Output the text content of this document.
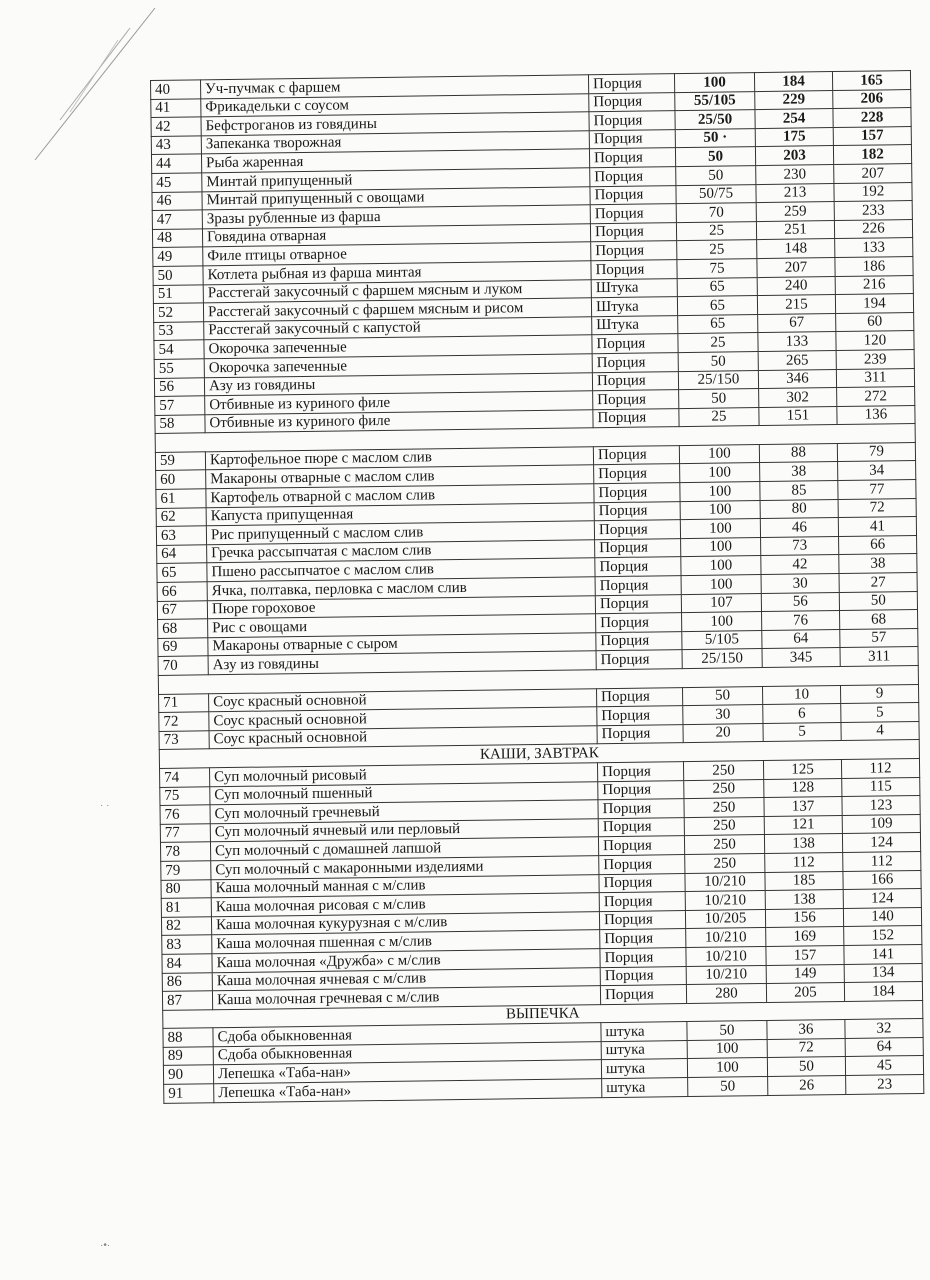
· ·
·•·
40	Уч-пучмак с фаршем	Порция	100	184	165
41	Фрикадельки с соусом	Порция	55/105	229	206
42	Бефстроганов из говядины	Порция	25/50	254	228
43	Запеканка творожная	Порция	50 ·	175	157
44	Рыба жаренная	Порция	50	203	182
45	Минтай припущенный	Порция	50	230	207
46	Минтай припущенный с овощами	Порция	50/75	213	192
47	Зразы рубленные из фарша	Порция	70	259	233
48	Говядина отварная	Порция	25	251	226
49	Филе птицы отварное	Порция	25	148	133
50	Котлета рыбная из фарша минтая	Порция	75	207	186
51	Расстегай закусочный с фаршем мясным и луком	Штука	65	240	216
52	Расстегай закусочный с фаршем мясным и рисом	Штука	65	215	194
53	Расстегай закусочный с капустой	Штука	65	67	60
54	Окорочка запеченные	Порция	25	133	120
55	Окорочка запеченные	Порция	50	265	239
56	Азу из говядины	Порция	25/150	346	311
57	Отбивные из куриного филе	Порция	50	302	272
58	Отбивные из куриного филе	Порция	25	151	136

59	Картофельное пюре с маслом слив	Порция	100	88	79
60	Макароны отварные с маслом слив	Порция	100	38	34
61	Картофель отварной с маслом слив	Порция	100	85	77
62	Капуста припущенная	Порция	100	80	72
63	Рис припущенный с маслом слив	Порция	100	46	41
64	Гречка рассыпчатая с маслом слив	Порция	100	73	66
65	Пшено рассыпчатое с маслом слив	Порция	100	42	38
66	Ячка, полтавка, перловка с маслом слив	Порция	100	30	27
67	Пюре гороховое	Порция	107	56	50
68	Рис с овощами	Порция	100	76	68
69	Макароны отварные с сыром	Порция	5/105	64	57
70	Азу из говядины	Порция	25/150	345	311

71	Соус красный основной	Порция	50	10	9
72	Соус красный основной	Порция	30	6	5
73	Соус красный основной	Порция	20	5	4
КАШИ, ЗАВТРАК					
74	Суп молочный рисовый	Порция	250	125	112
75	Суп молочный пшенный	Порция	250	128	115
76	Суп молочный гречневый	Порция	250	137	123
77	Суп молочный ячневый или перловый	Порция	250	121	109
78	Суп молочный с домашней лапшой	Порция	250	138	124
79	Суп молочный с макаронными изделиями	Порция	250	112	112
80	Каша молочный манная с м/слив	Порция	10/210	185	166
81	Каша молочная рисовая с м/слив	Порция	10/210	138	124
82	Каша молочная кукурузная с м/слив	Порция	10/205	156	140
83	Каша молочная пшенная с м/слив	Порция	10/210	169	152
84	Каша молочная «Дружба» с м/слив	Порция	10/210	157	141
86	Каша молочная ячневая с м/слив	Порция	10/210	149	134
87	Каша молочная гречневая с м/слив	Порция	280	205	184
ВЫПЕЧКА					
88	Сдоба обыкновенная	штука	50	36	32
89	Сдоба обыкновенная	штука	100	72	64
90	Лепешка «Таба-нан»	штука	100	50	45
91	Лепешка «Таба-нан»	штука	50	26	23
